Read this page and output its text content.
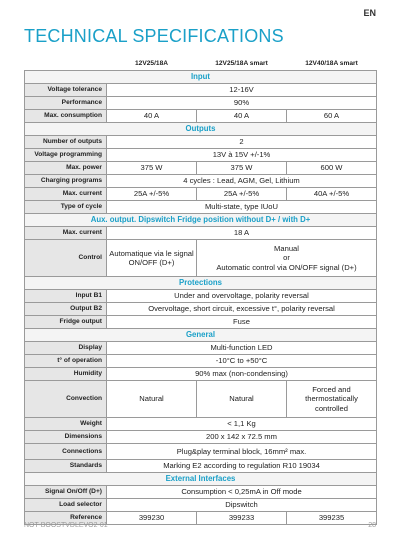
EN
TECHNICAL SPECIFICATIONS
	12V25/18A	12V25/18A smart	12V40/18A smart
Input			
Voltage tolerance	12-16V		
Performance	90%		
Max. consumption	40 A	40 A	60 A
Outputs			
Number of outputs	2		
Voltage programming	13V à 15V +/-1%		
Max. power	375 W	375 W	600 W
Charging programs	4 cycles : Lead, AGM, Gel, Lithium		
Max. current	25A +/-5%	25A +/-5%	40A +/-5%
Type of cycle	Multi-state, type IUoU		
Aux. output. Dipswitch Fridge position without D+ / with D+			
Max. current	18 A		
Control	Automatique via le signal ON/OFF (D+)	Manual
or
Automatic control via ON/OFF signal (D+)	

Protections			
Input B1	Under and overvoltage, polarity reversal		
Output B2	Overvoltage, short circuit, excessive t°, polarity reversal		
Fridge output	Fuse		
General			
Display	Multi-function LED		
t° of operation	-10°C to +50°C		
Humidity	90% max (non-condensing)		
Convection	Natural	Natural	Forced and thermostatically controlled
Weight	< 1,1 Kg		
Dimensions	200 x 142 x 72.5 mm		
Connections	Plug&play terminal block, 16mm² max.		
Standards	Marking E2 according to regulation R10 19034		
External Interfaces			
Signal On/Off (D+)	Consumption < 0,25mA in Off mode		
Load selector	Dipswitch		
Reference	399230	399233	399235
NOT-BOOSTVDLEVO2-01	28
